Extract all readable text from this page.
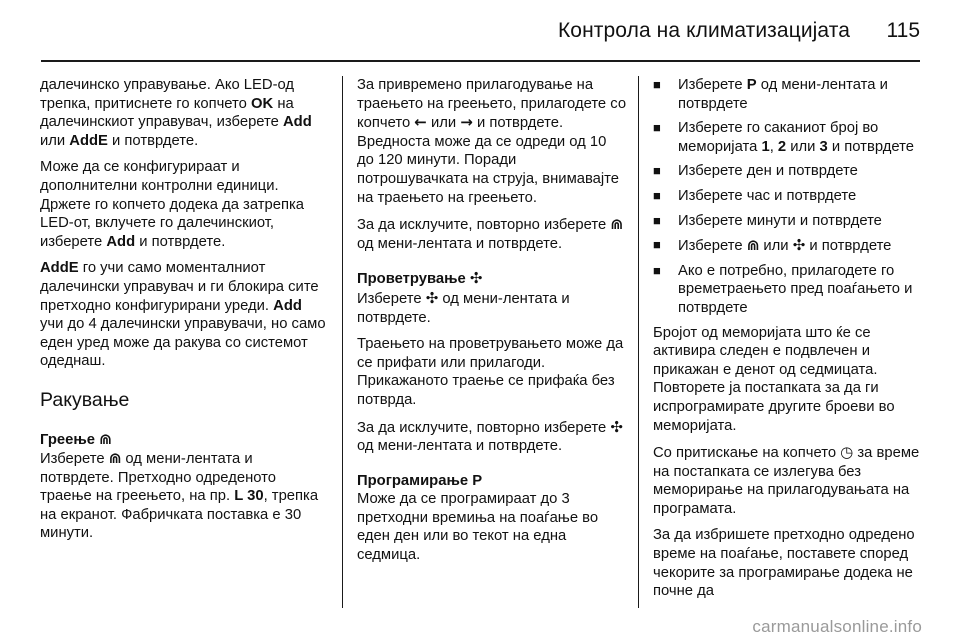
Контрола на климатизацијата 115

далечинско управување. Ако LED-од трепка, притиснете го копчето OK на далечинскиот управувач, изберете Add или AddE и потврдете.

Може да се конфигурираат и дополнителни контролни единици. Држете го копчето додека да затрепка LED-от, вклучете го далечинскиот, изберете Add и потврдете.

AddE го учи само моменталниот далечински управувач и ги блокира сите претходно конфигурирани уреди. Add учи до 4 далечински управувачи, но само еден уред може да ракува со системот одеднаш.

Ракување

Греење ⋒

Изберете ⋒ од мени-лентата и потврдете. Претходно одреденото траење на греењето, на пр. L 30, трепка на екранот. Фабричката поставка е 30 минути.

За привремено прилагодување на траењето на греењето, прилагодете со копчето ← или → и потврдете. Вредноста може да се одреди од 10 до 120 минути. Поради потрошувачката на струја, внимавајте на траењето на греењето.

За да исклучите, повторно изберете ⋒ од мени-лентата и потврдете.

Проветрување ✣

Изберете ✣ од мени-лентата и потврдете.

Траењето на проветрувањето може да се прифати или прилагоди. Прикажаното траење се прифаќа без потврда.

За да исклучите, повторно изберете ✣ од мени-лентата и потврдете.

Програмирање P

Може да се програмираат до 3 претходни времиња на поаѓање во еден ден или во текот на една седмица.

■ Изберете P од мени-лентата и потврдете
■ Изберете го саканиот број во меморијата 1, 2 или 3 и потврдете
■ Изберете ден и потврдете
■ Изберете час и потврдете
■ Изберете минути и потврдете
■ Изберете ⋒ или ✣ и потврдете
■ Ако е потребно, прилагодете го времетраењето пред поаѓањето и потврдете

Бројот од меморијата што ќе се активира следен е подвлечен и прикажан е денот од седмицата. Повторете ја постапката за да ги испрограмирате другите броеви во меморијата.

Со притискање на копчето ◷ за време на постапката се излегува без меморирање на прилагодувањата на програмата.

За да избришете претходно одредено време на поаѓање, поставете според чекорите за програмирање додека не почне да

carmanualsonline.info
